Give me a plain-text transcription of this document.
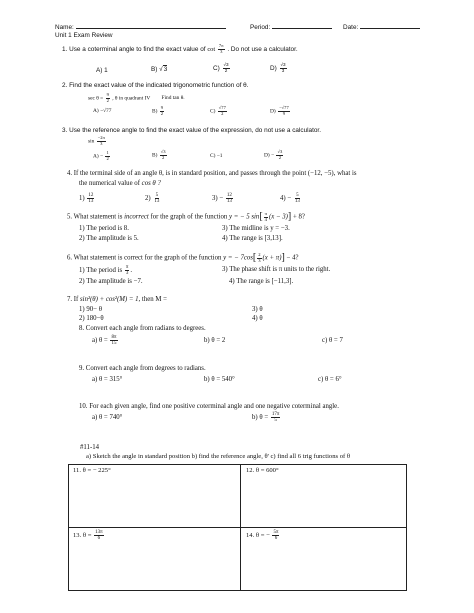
Name:	Period:	Date:
Unit 1 Exam Review
1. Use a coterminal angle to find the exact value of $\cot \frac{7\pi}{3}$ . Do not use a calculator.
A) 1	B) √3	$C) \frac{√3}{2}$	$D) \frac{√3}{3}$
2. Find the exact value of the indicated trigonometric function of θ.
$\sec \theta = \frac{9}{2}$ , θ in quadrant IV Find tan θ.
A) −√77	$B) \frac{9}{2}$	$C) \frac{√77}{2}$	$D) \frac{-√77}{9}$
3. Use the reference angle to find the exact value of the expression, do not use a calculator.
$\sin \frac{-2\pi}{3}$
$A) - \frac{1}{2}$	$B) \frac{√3}{2}$	C) −1	$D) - \frac{√3}{2}$
4. If the terminal side of an angle θ, is in standard position, and passes through the point (−12, −5), what is
the numerical value of cos θ ?
$1) \frac{12}{13}$	$2) \frac{5}{13}$	$3) - \frac{12}{13}$	$4) - \frac{5}{13}$
5. What statement is incorrect for the graph of the function y = − 5 $\sin[ \frac{\pi}{4} (x - 3)] + 8$?
1) The period is 8.
2) The amplitude is 5.
3) The midline is y = −3.
4) The range is [3,13].
6. What statement is correct for the graph of the function y = − $7\cos[ \frac{2}{3} (x + \pi)] - 4$?
1) The period is $\frac{\pi}{3}$ .
2) The amplitude is −7.
3) The phase shift is π units to the right.
4) The range is [−11,3].
7. If sin²(θ) + cos²(M) = 1, then M =
1) 90− θ
2) 180−θ
3) θ
4) θ
8. Convert each angle from radians to degrees.
a) $\theta = \frac{8\pi}{15}$	b) θ = 2	c) θ = 7
9. Convert each angle from degrees to radians.
a) θ = 315°	b) θ = 540°	c) θ = 6°
10. For each given angle, find one positive coterminal angle and one negative coterminal angle.
a) θ = 740°	b) $\theta = \frac{17\pi}{5}$
#11-14
a) Sketch the angle in standard position b) find the reference angle, θ' c) find all 6 trig functions of θ
11. θ = − 225°	12. θ = 600°
13. $\theta = \frac{13\pi}{6}$	14. θ = − $\frac{5\pi}{6}$
